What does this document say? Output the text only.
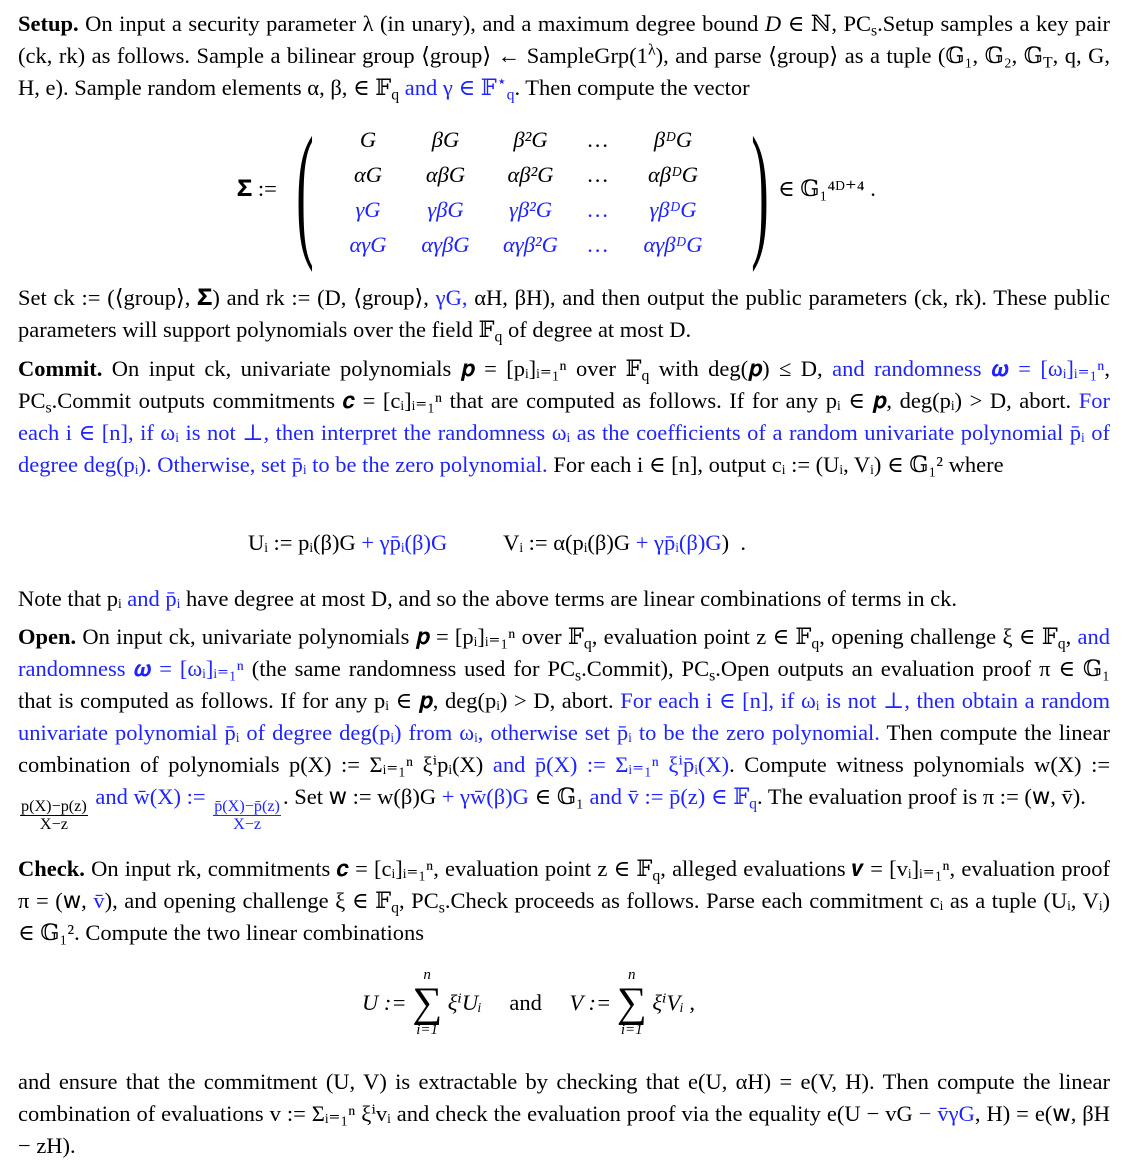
Setup. On input a security parameter λ (in unary), and a maximum degree bound D ∈ ℕ, $PC_s.Setup$ samples a key pair (ck, rk) as follows. Sample a bilinear group ⟨group⟩ ← $SampleGrp(1^\lambda)$, and parse ⟨group⟩ as a tuple (𝔾₁, 𝔾₂, 𝔾$_T$, q, G, H, e). Sample random elements α, β, ∈ 𝔽$_q$ and γ ∈ 𝔽⋆$_q$. Then compute the vector
𝚺 := (	G	βG	β²G	…	βᴰG
αG	αβG	αβ²G	…	αβᴰG
γG	γβG	γβ²G	…	γβᴰG
αγG	αγβG	αγβ²G	…	αγβᴰG ) ∈ 𝔾₁⁴ᴰ⁺⁴ .
Set ck := (⟨group⟩, 𝚺) and rk := (D, ⟨group⟩, γG, αH, βH), and then output the public parameters (ck, rk). These public parameters will support polynomials over the field 𝔽$_q$ of degree at most D.
Commit. On input ck, univariate polynomials 𝒑 = [pᵢ]ᵢ₌₁ⁿ over 𝔽$_q$ with deg(𝒑) ≤ D, and randomness 𝝎 = [ωᵢ]ᵢ₌₁ⁿ, $PC_s.Commit$ outputs commitments 𝒄 = [cᵢ]ᵢ₌₁ⁿ that are computed as follows. If for any pᵢ ∈ 𝒑, deg(pᵢ) > D, abort. For each i ∈ [n], if ωᵢ is not ⊥, then interpret the randomness ωᵢ as the coefficients of a random univariate polynomial p̄ᵢ of degree deg(pᵢ). Otherwise, set p̄ᵢ to be the zero polynomial. For each i ∈ [n], output cᵢ := (Uᵢ, Vᵢ) ∈ 𝔾₁² where
Uᵢ := pᵢ(β)G + γp̄ᵢ(β)G          Vᵢ := α(pᵢ(β)G + γp̄ᵢ(β)G)  .
Note that pᵢ and p̄ᵢ have degree at most D, and so the above terms are linear combinations of terms in ck.
Open. On input ck, univariate polynomials 𝒑 = [pᵢ]ᵢ₌₁ⁿ over 𝔽$_q$, evaluation point z ∈ 𝔽$_q$, opening challenge ξ ∈ 𝔽$_q$, and randomness 𝝎 = [ωᵢ]ᵢ₌₁ⁿ (the same randomness used for $PC_s.Commit$), $PC_s.Open$ outputs an evaluation proof π ∈ 𝔾₁ that is computed as follows. If for any pᵢ ∈ 𝒑, deg(pᵢ) > D, abort. For each i ∈ [n], if ωᵢ is not ⊥, then obtain a random univariate polynomial p̄ᵢ of degree deg(pᵢ) from ωᵢ, otherwise set p̄ᵢ to be the zero polynomial. Then compute the linear combination of polynomials p(X) := Σᵢ₌₁ⁿ ξⁱpᵢ(X) and p̄(X) := Σᵢ₌₁ⁿ ξⁱp̄ᵢ(X). Compute witness polynomials w(X) :=
$\frac{p(X)-p(z)}{X-z}$
and w̄(X) :=
$\frac{p̄(X)-p̄(z)}{X-z}$
. Set 𝗐 := w(β)G + γw̄(β)G ∈ 𝔾₁ and v̄ := p̄(z) ∈ 𝔽$_q$. The evaluation proof is π := (𝗐, v̄).
Check. On input rk, commitments 𝒄 = [cᵢ]ᵢ₌₁ⁿ, evaluation point z ∈ 𝔽$_q$, alleged evaluations 𝒗 = [vᵢ]ᵢ₌₁ⁿ, evaluation proof π = (𝗐, v̄), and opening challenge ξ ∈ 𝔽$_q$, $PC_s.Check$ proceeds as follows. Parse each commitment cᵢ as a tuple (Uᵢ, Vᵢ) ∈ 𝔾₁². Compute the two linear combinations
U :=
n
∑
i=1
ξⁱUᵢ and V :=
n
∑
i=1
ξⁱVᵢ ,
and ensure that the commitment (U, V) is extractable by checking that e(U, αH) = e(V, H). Then compute the linear combination of evaluations v := Σᵢ₌₁ⁿ ξⁱvᵢ and check the evaluation proof via the equality e(U − vG − v̄γG, H) = e(𝗐, βH − zH).
